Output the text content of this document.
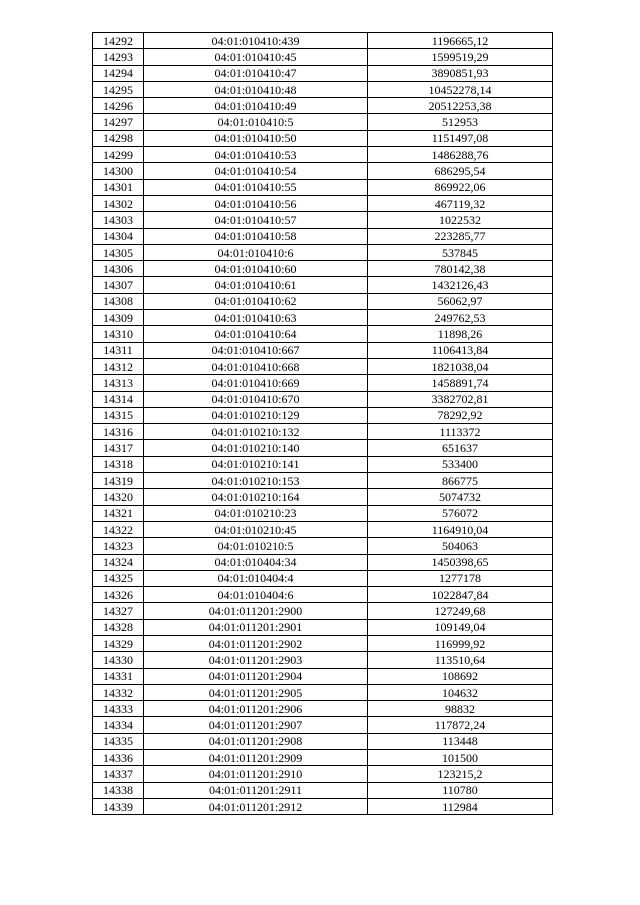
14292	04:01:010410:439	1196665,12
14293	04:01:010410:45	1599519,29
14294	04:01:010410:47	3890851,93
14295	04:01:010410:48	10452278,14
14296	04:01:010410:49	20512253,38
14297	04:01:010410:5	512953
14298	04:01:010410:50	1151497,08
14299	04:01:010410:53	1486288,76
14300	04:01:010410:54	686295,54
14301	04:01:010410:55	869922,06
14302	04:01:010410:56	467119,32
14303	04:01:010410:57	1022532
14304	04:01:010410:58	223285,77
14305	04:01:010410:6	537845
14306	04:01:010410:60	780142,38
14307	04:01:010410:61	1432126,43
14308	04:01:010410:62	56062,97
14309	04:01:010410:63	249762,53
14310	04:01:010410:64	11898,26
14311	04:01:010410:667	1106413,84
14312	04:01:010410:668	1821038,04
14313	04:01:010410:669	1458891,74
14314	04:01:010410:670	3382702,81
14315	04:01:010210:129	78292,92
14316	04:01:010210:132	1113372
14317	04:01:010210:140	651637
14318	04:01:010210:141	533400
14319	04:01:010210:153	866775
14320	04:01:010210:164	5074732
14321	04:01:010210:23	576072
14322	04:01:010210:45	1164910,04
14323	04:01:010210:5	504063
14324	04:01:010404:34	1450398,65
14325	04:01:010404:4	1277178
14326	04:01:010404:6	1022847,84
14327	04:01:011201:2900	127249,68
14328	04:01:011201:2901	109149,04
14329	04:01:011201:2902	116999,92
14330	04:01:011201:2903	113510,64
14331	04:01:011201:2904	108692
14332	04:01:011201:2905	104632
14333	04:01:011201:2906	98832
14334	04:01:011201:2907	117872,24
14335	04:01:011201:2908	113448
14336	04:01:011201:2909	101500
14337	04:01:011201:2910	123215,2
14338	04:01:011201:2911	110780
14339	04:01:011201:2912	112984
